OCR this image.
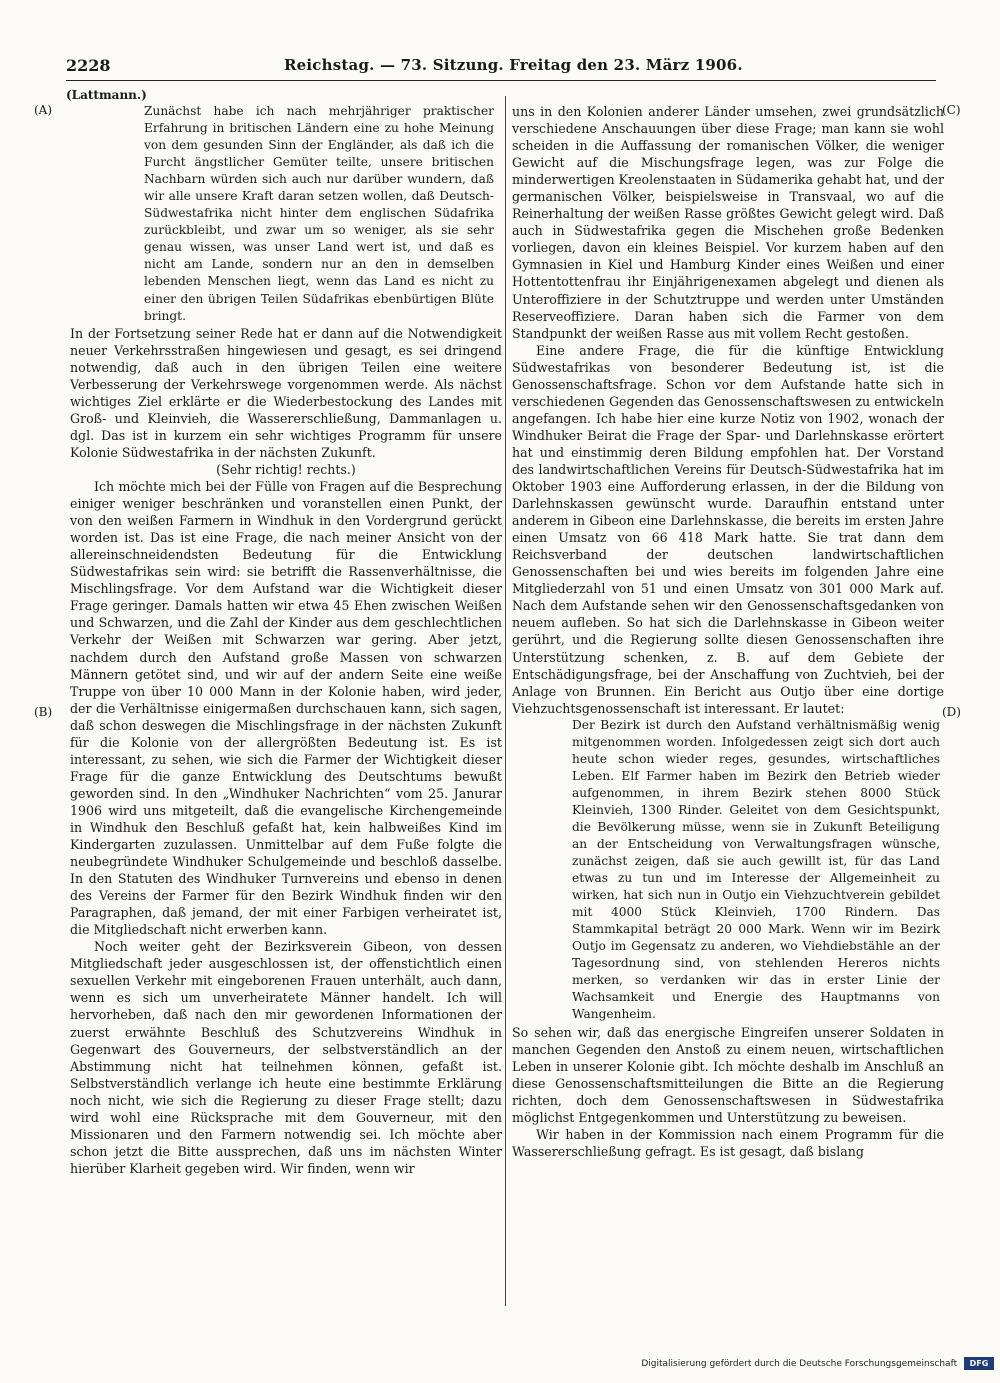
2228	Reichstag. — 73. Sitzung. Freitag den 23. März 1906.
(Lattmann.)
(A)
(B)
(C)
(D)

Zunächst habe ich nach mehrjähriger praktischer Erfahrung in britischen Ländern eine zu hohe Meinung von dem gesunden Sinn der Engländer, als daß ich die Furcht ängstlicher Gemüter teilte, unsere britischen Nachbarn würden sich auch nur darüber wundern, daß wir alle unsere Kraft daran setzen wollen, daß Deutsch-Südwestafrika nicht hinter dem englischen Südafrika zurückbleibt, und zwar um so weniger, als sie sehr genau wissen, was unser Land wert ist, und daß es nicht am Lande, sondern nur an den in demselben lebenden Menschen liegt, wenn das Land es nicht zu einer den übrigen Teilen Südafrikas ebenbürtigen Blüte bringt.

In der Fortsetzung seiner Rede hat er dann auf die Notwendigkeit neuer Verkehrsstraßen hingewiesen und gesagt, es sei dringend notwendig, daß auch in den übrigen Teilen eine weitere Verbesserung der Verkehrswege vorgenommen werde. Als nächst wichtiges Ziel erklärte er die Wiederbestockung des Landes mit Groß- und Kleinvieh, die Wassererschließung, Dammanlagen u. dgl. Das ist in kurzem ein sehr wichtiges Programm für unsere Kolonie Südwestafrika in der nächsten Zukunft.

(Sehr richtig! rechts.)

Ich möchte mich bei der Fülle von Fragen auf die Besprechung einiger weniger beschränken und voranstellen einen Punkt, der von den weißen Farmern in Windhuk in den Vordergrund gerückt worden ist. Das ist eine Frage, die nach meiner Ansicht von der allereinschneidendsten Bedeutung für die Entwicklung Südwestafrikas sein wird: sie betrifft die Rassenverhältnisse, die Mischlingsfrage. Vor dem Aufstand war die Wichtigkeit dieser Frage geringer. Damals hatten wir etwa 45 Ehen zwischen Weißen und Schwarzen, und die Zahl der Kinder aus dem geschlechtlichen Verkehr der Weißen mit Schwarzen war gering. Aber jetzt, nachdem durch den Aufstand große Massen von schwarzen Männern getötet sind, und wir auf der andern Seite eine weiße Truppe von über 10 000 Mann in der Kolonie haben, wird jeder, der die Verhältnisse einigermaßen durchschauen kann, sich sagen, daß schon deswegen die Mischlingsfrage in der nächsten Zukunft für die Kolonie von der allergrößten Bedeutung ist. Es ist interessant, zu sehen, wie sich die Farmer der Wichtigkeit dieser Frage für die ganze Entwicklung des Deutschtums bewußt geworden sind. In den „Windhuker Nachrichten“ vom 25. Janurar 1906 wird uns mitgeteilt, daß die evangelische Kirchengemeinde in Windhuk den Beschluß gefaßt hat, kein halbweißes Kind im Kindergarten zuzulassen. Unmittelbar auf dem Fuße folgte die neubegründete Windhuker Schulgemeinde und beschloß dasselbe. In den Statuten des Windhuker Turnvereins und ebenso in denen des Vereins der Farmer für den Bezirk Windhuk finden wir den Paragraphen, daß jemand, der mit einer Farbigen verheiratet ist, die Mitgliedschaft nicht erwerben kann.

Noch weiter geht der Bezirksverein Gibeon, von dessen Mitgliedschaft jeder ausgeschlossen ist, der offenstichtlich einen sexuellen Verkehr mit eingeborenen Frauen unterhält, auch dann, wenn es sich um unverheiratete Männer handelt. Ich will hervorheben, daß nach den mir gewordenen Informationen der zuerst erwähnte Beschluß des Schutzvereins Windhuk in Gegenwart des Gouverneurs, der selbstverständlich an der Abstimmung nicht hat teilnehmen können, gefaßt ist. Selbstverständlich verlange ich heute eine bestimmte Erklärung noch nicht, wie sich die Regierung zu dieser Frage stellt; dazu wird wohl eine Rücksprache mit dem Gouverneur, mit den Missionaren und den Farmern notwendig sei. Ich möchte aber schon jetzt die Bitte aussprechen, daß uns im nächsten Winter hierüber Klarheit gegeben wird. Wir finden, wenn wir

uns in den Kolonien anderer Länder umsehen, zwei grundsätzlich verschiedene Anschauungen über diese Frage; man kann sie wohl scheiden in die Auffassung der romanischen Völker, die weniger Gewicht auf die Mischungsfrage legen, was zur Folge die minderwertigen Kreolenstaaten in Südamerika gehabt hat, und der germanischen Völker, beispielsweise in Transvaal, wo auf die Reinerhaltung der weißen Rasse größtes Gewicht gelegt wird. Daß auch in Südwestafrika gegen die Mischehen große Bedenken vorliegen, davon ein kleines Beispiel. Vor kurzem haben auf den Gymnasien in Kiel und Hamburg Kinder eines Weißen und einer Hottentottenfrau ihr Einjährigenexamen abgelegt und dienen als Unteroffiziere in der Schutztruppe und werden unter Umständen Reserveoffiziere. Daran haben sich die Farmer von dem Standpunkt der weißen Rasse aus mit vollem Recht gestoßen.

Eine andere Frage, die für die künftige Entwicklung Südwestafrikas von besonderer Bedeutung ist, ist die Genossenschaftsfrage. Schon vor dem Aufstande hatte sich in verschiedenen Gegenden das Genossenschaftswesen zu entwickeln angefangen. Ich habe hier eine kurze Notiz von 1902, wonach der Windhuker Beirat die Frage der Spar- und Darlehnskasse erörtert hat und einstimmig deren Bildung empfohlen hat. Der Vorstand des landwirtschaftlichen Vereins für Deutsch-Südwestafrika hat im Oktober 1903 eine Aufforderung erlassen, in der die Bildung von Darlehnskassen gewünscht wurde. Daraufhin entstand unter anderem in Gibeon eine Darlehnskasse, die bereits im ersten Jahre einen Umsatz von 66 418 Mark hatte. Sie trat dann dem Reichsverband der deutschen landwirtschaftlichen Genossenschaften bei und wies bereits im folgenden Jahre eine Mitgliederzahl von 51 und einen Umsatz von 301 000 Mark auf. Nach dem Aufstande sehen wir den Genossenschaftsgedanken von neuem aufleben. So hat sich die Darlehnskasse in Gibeon weiter gerührt, und die Regierung sollte diesen Genossenschaften ihre Unterstützung schenken, z. B. auf dem Gebiete der Entschädigungsfrage, bei der Anschaffung von Zuchtvieh, bei der Anlage von Brunnen. Ein Bericht aus Outjo über eine dortige Viehzuchtsgenossenschaft ist interessant. Er lautet:

Der Bezirk ist durch den Aufstand verhältnismäßig wenig mitgenommen worden. Infolgedessen zeigt sich dort auch heute schon wieder reges, gesundes, wirtschaftliches Leben. Elf Farmer haben im Bezirk den Betrieb wieder aufgenommen, in ihrem Bezirk stehen 8000 Stück Kleinvieh, 1300 Rinder. Geleitet von dem Gesichtspunkt, die Bevölkerung müsse, wenn sie in Zukunft Beteiligung an der Entscheidung von Verwaltungsfragen wünsche, zunächst zeigen, daß sie auch gewillt ist, für das Land etwas zu tun und im Interesse der Allgemeinheit zu wirken, hat sich nun in Outjo ein Viehzuchtverein gebildet mit 4000 Stück Kleinvieh, 1700 Rindern. Das Stammkapital beträgt 20 000 Mark. Wenn wir im Bezirk Outjo im Gegensatz zu anderen, wo Viehdiebstähle an der Tagesordnung sind, von stehlenden Hereros nichts merken, so verdanken wir das in erster Linie der Wachsamkeit und Energie des Hauptmanns von Wangenheim.

So sehen wir, daß das energische Eingreifen unserer Soldaten in manchen Gegenden den Anstoß zu einem neuen, wirtschaftlichen Leben in unserer Kolonie gibt. Ich möchte deshalb im Anschluß an diese Genossenschaftsmitteilungen die Bitte an die Regierung richten, doch dem Genossenschaftswesen in Südwestafrika möglichst Entgegenkommen und Unterstützung zu beweisen.

Wir haben in der Kommission nach einem Programm für die Wassererschließung gefragt. Es ist gesagt, daß bislang

Digitalisierung gefördert durch die Deutsche Forschungsgemeinschaft DFG
